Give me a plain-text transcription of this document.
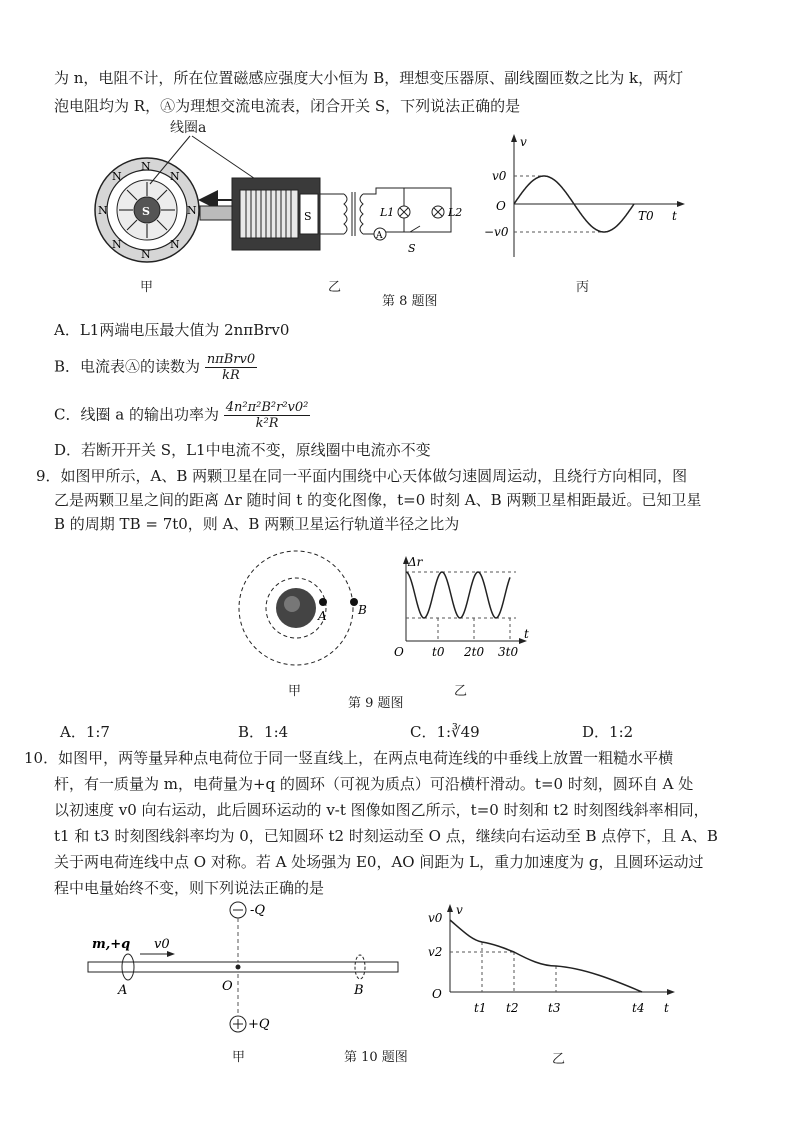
为 n，电阻不计，所在位置磁感应强度大小恒为 B，理想变压器原、副线圈匝数之比为 k，两灯
泡电阻均为 R，Ⓐ为理想交流电流表，闭合开关 S，下列说法正确的是
S
N
N
N	N
N	N
N	N
线圈a
S
A
L1	L2
S
v
v0
O
−v0
T0 t
甲	乙	丙
第 8 题图
A．L1两端电压最大值为 2nπBrv0
B．电流表Ⓐ的读数为 $\frac{\text{nπBrv0}}{kR}$
C．线圈 a 的输出功率为 $\frac{\text{4n²π²B²r²v0²}}{\text{k²R}}$
D．若断开开关 S，L1中电流不变，原线圈中电流亦不变
9．如图甲所示，A、B 两颗卫星在同一平面内围绕中心天体做匀速圆周运动，且绕行方向相同，图
乙是两颗卫星之间的距离 Δr 随时间 t 的变化图像，t=0 时刻 A、B 两颗卫星相距最近。已知卫星
B 的周期 TB = 7t0，则 A、B 两颗卫星运行轨道半径之比为
A	B
Δr
O t0 2t0 3t0
t
甲	乙
第 9 题图
A．1:7	B．1:4	C．1:∛49	D．1:2
10．如图甲，两等量异种点电荷位于同一竖直线上，在两点电荷连线的中垂线上放置一粗糙水平横
杆，有一质量为 m，电荷量为+q 的圆环（可视为质点）可沿横杆滑动。t=0 时刻，圆环自 A 处
以初速度 v0 向右运动，此后圆环运动的 v-t 图像如图乙所示，t=0 时刻和 t2 时刻图线斜率相同，
t1 和 t3 时刻图线斜率均为 0，已知圆环 t2 时刻运动至 O 点，继续向右运动至 B 点停下，且 A、B
关于两电荷连线中点 O 对称。若 A 处场强为 E0，AO 间距为 L，重力加速度为 g，且圆环运动过
程中电量始终不变，则下列说法正确的是
-Q
+Q
m,+q v0
A	O	B
v
v0
v2
O
t1 t2 t3	t4 t
甲	第 10 题图	乙
